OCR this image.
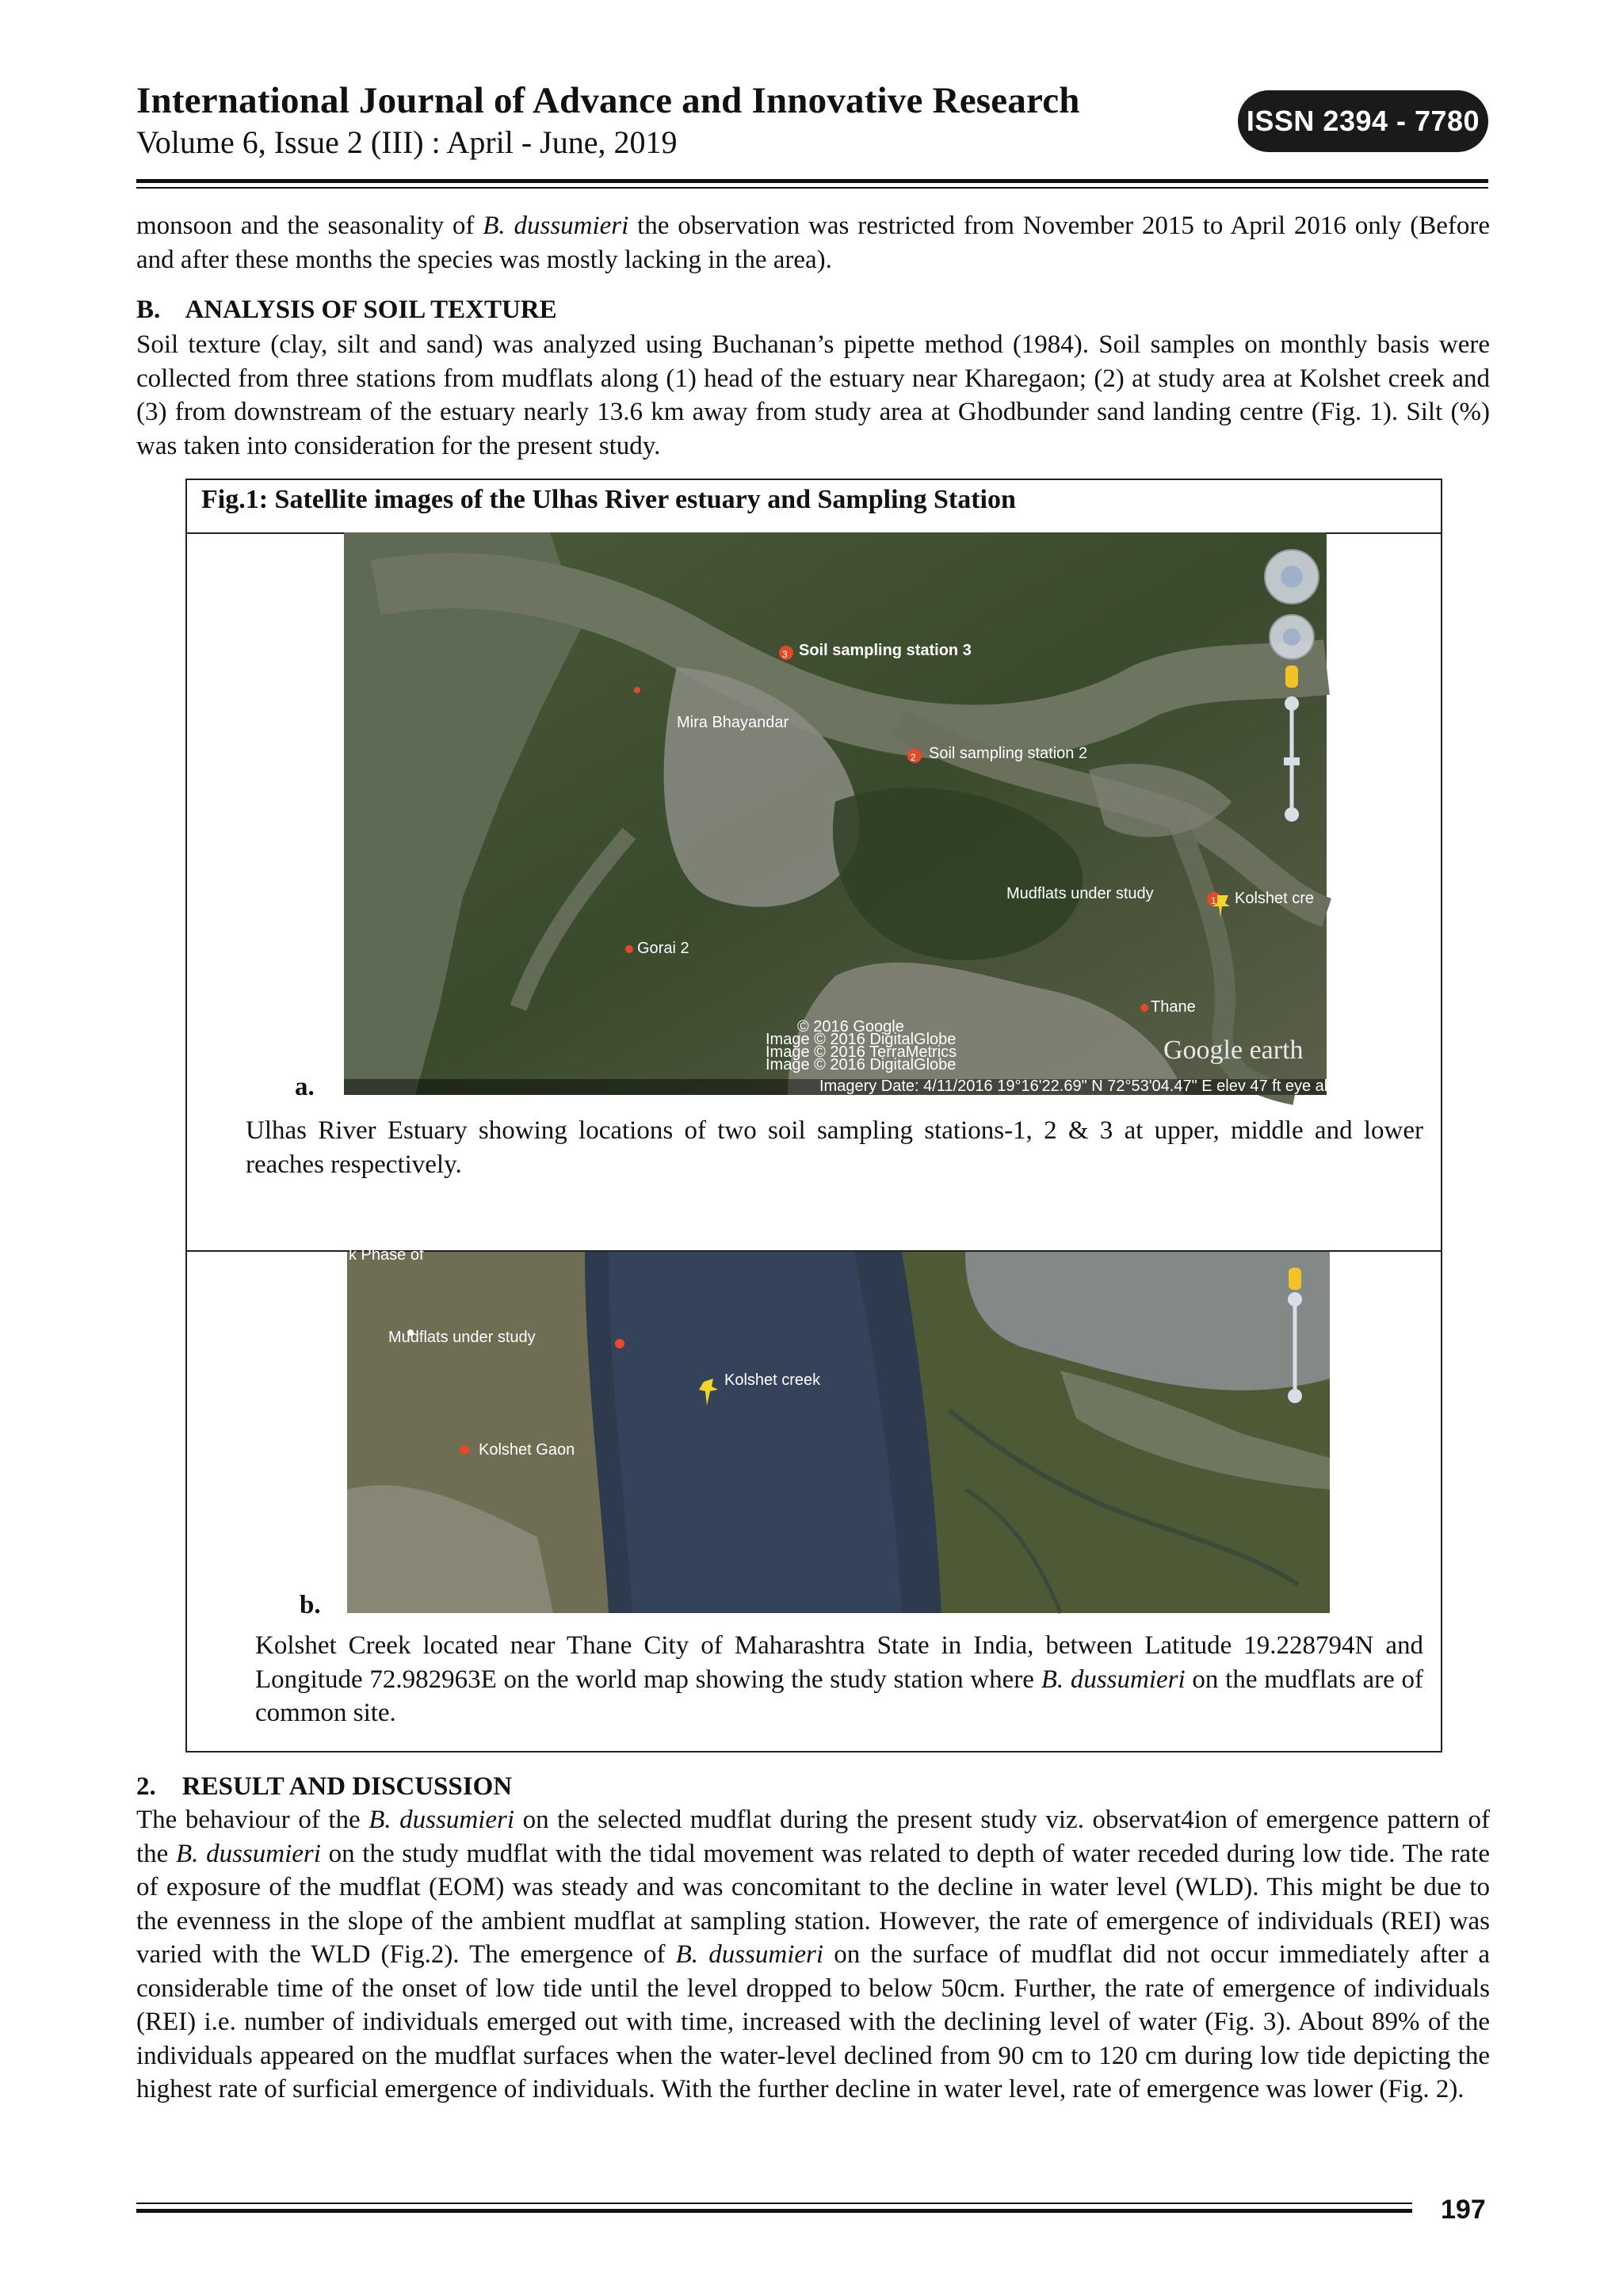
International Journal of Advance and Innovative Research
Volume 6, Issue 2 (III) : April - June, 2019
ISSN 2394 - 7780

monsoon and the seasonality of B. dussumieri the observation was restricted from November 2015 to April 2016 only (Before and after these months the species was mostly lacking in the area).

B.    ANALYSIS OF SOIL TEXTURE

Soil texture (clay, silt and sand) was analyzed using Buchanan’s pipette method (1984). Soil samples on monthly basis were collected from three stations from mudflats along (1) head of the estuary near Kharegaon; (2) at study area at Kolshet creek and (3) from downstream of the estuary nearly 13.6 km away from study area at Ghodbunder sand landing centre (Fig. 1). Silt (%) was taken into consideration for the present study.

Fig.1: Satellite images of the Ulhas River estuary and Sampling Station
3
2
1
Soil sampling station 3
Soil sampling station 2
Mira Bhayandar
Mudflats under study	Kolshet cre
Gorai 2
Thane
© 2016 Google
Image © 2016 DigitalGlobe
Image © 2016 TerraMetrics
Image © 2016 DigitalGlobe	Google earth
Imagery Date: 4/11/2016 19°16'22.69" N 72°53'04.47" E elev 47 ft eye alt 16.58 mi
a.

Ulhas River Estuary showing locations of two soil sampling stations-1, 2 & 3 at upper, middle and lower reaches respectively.

k Phase of
Mudflats under study
Kolshet creek
Kolshet Gaon
b.

Kolshet Creek located near Thane City of Maharashtra State in India, between Latitude 19.228794N and Longitude 72.982963E on the world map showing the study station where B. dussumieri on the mudflats are of common site.

2.    RESULT AND DISCUSSION

The behaviour of the B. dussumieri on the selected mudflat during the present study viz. observat4ion of emergence pattern of the B. dussumieri on the study mudflat with the tidal movement was related to depth of water receded during low tide. The rate of exposure of the mudflat (EOM) was steady and was concomitant to the decline in water level (WLD). This might be due to the evenness in the slope of the ambient mudflat at sampling station. However, the rate of emergence of individuals (REI) was varied with the WLD (Fig.2). The emergence of B. dussumieri on the surface of mudflat did not occur immediately after a considerable time of the onset of low tide until the level dropped to below 50cm. Further, the rate of emergence of individuals (REI) i.e. number of individuals emerged out with time, increased with the declining level of water (Fig. 3). About 89% of the individuals appeared on the mudflat surfaces when the water-level declined from 90 cm to 120 cm during low tide depicting the highest rate of surficial emergence of individuals. With the further decline in water level, rate of emergence was lower (Fig. 2).

197
